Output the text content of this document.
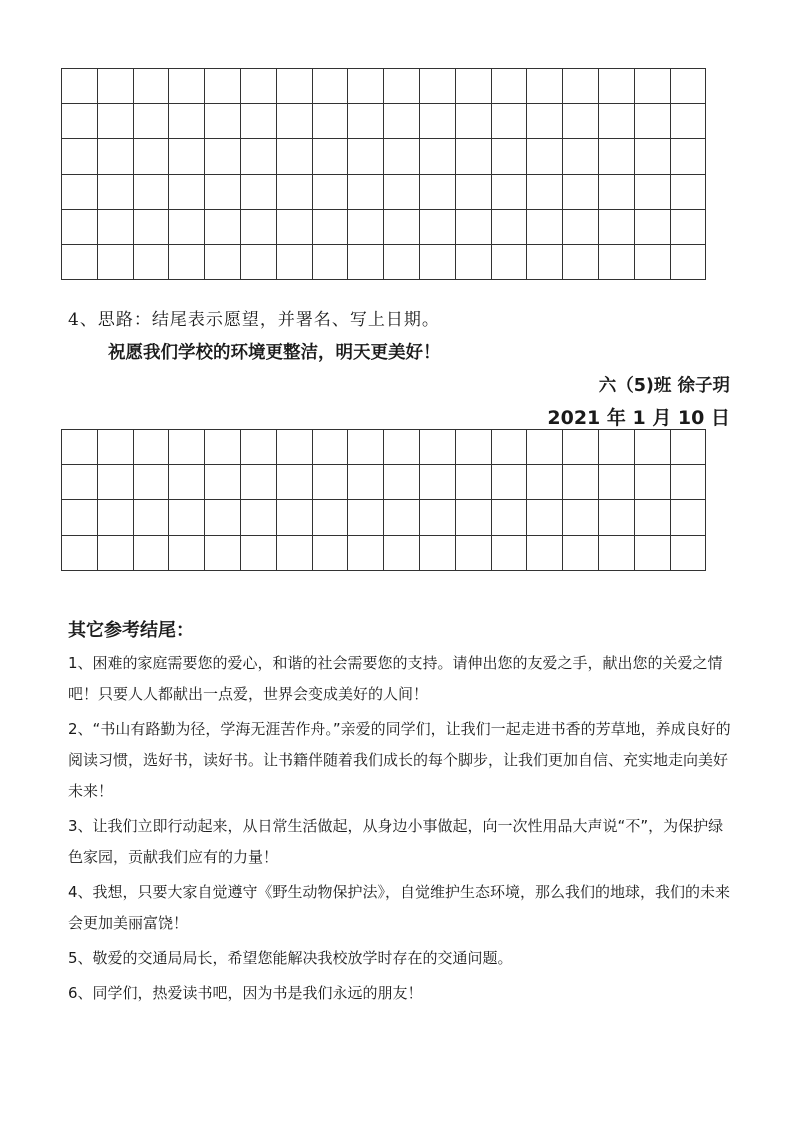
4、思路：结尾表示愿望，并署名、写上日期。
祝愿我们学校的环境更整洁，明天更美好！
六（5)班 徐子玥
2021 年 1 月 10 日

其它参考结尾：

1、困难的家庭需要您的爱心，和谐的社会需要您的支持。请伸出您的友爱之手，献出您的关爱之情吧！只要人人都献出一点爱，世界会变成美好的人间！

2、“书山有路勤为径，学海无涯苦作舟。”亲爱的同学们，让我们一起走进书香的芳草地，养成良好的阅读习惯，选好书，读好书。让书籍伴随着我们成长的每个脚步，让我们更加自信、充实地走向美好未来！

3、让我们立即行动起来，从日常生活做起，从身边小事做起，向一次性用品大声说“不”，为保护绿色家园，贡献我们应有的力量！

4、我想，只要大家自觉遵守《野生动物保护法》，自觉维护生态环境，那么我们的地球，我们的未来会更加美丽富饶！

5、敬爱的交通局局长，希望您能解决我校放学时存在的交通问题。

6、同学们，热爱读书吧，因为书是我们永远的朋友！
